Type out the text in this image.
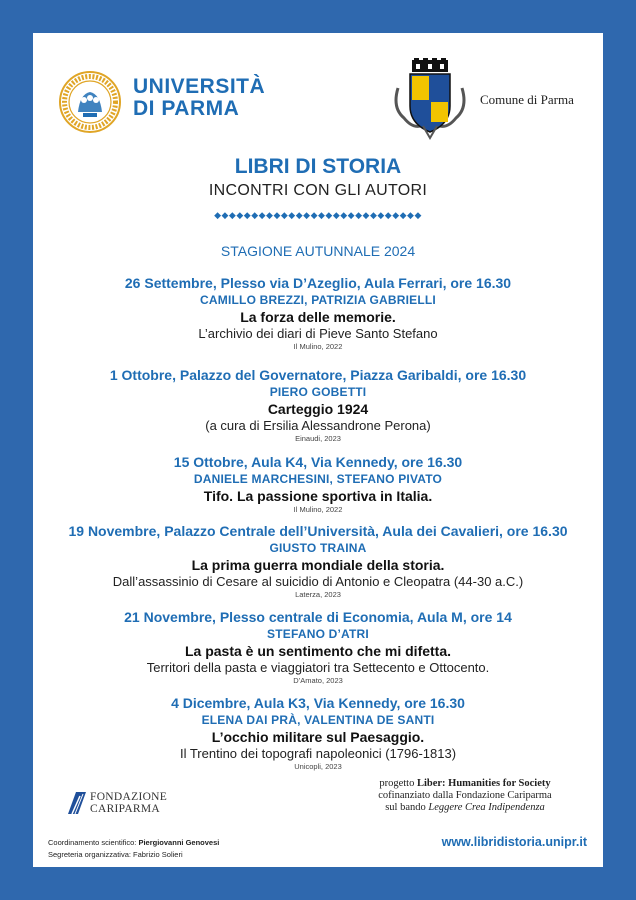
UNIVERSITÀ
DI PARMA	Comune di Parma
LIBRI DI STORIA
INCONTRI CON GLI AUTORI
◆◆◆◆◆◆◆◆◆◆◆◆◆◆◆◆◆◆◆◆◆◆◆◆◆◆◆◆
STAGIONE AUTUNNALE 2024
26 Settembre, Plesso via D’Azeglio, Aula Ferrari, ore 16.30
CAMILLO BREZZI, PATRIZIA GABRIELLI
La forza delle memorie.
L’archivio dei diari di Pieve Santo Stefano
Il Mulino, 2022
1 Ottobre, Palazzo del Governatore, Piazza Garibaldi, ore 16.30
PIERO GOBETTI
Carteggio 1924
(a cura di Ersilia Alessandrone Perona)
Einaudi, 2023
15 Ottobre, Aula K4, Via Kennedy, ore 16.30
DANIELE MARCHESINI, STEFANO PIVATO
Tifo. La passione sportiva in Italia.
Il Mulino, 2022
19 Novembre, Palazzo Centrale dell’Università, Aula dei Cavalieri, ore 16.30
GIUSTO TRAINA
La prima guerra mondiale della storia.
Dall’assassinio di Cesare al suicidio di Antonio e Cleopatra (44-30 a.C.)
Laterza, 2023
21 Novembre, Plesso centrale di Economia, Aula M, ore 14
STEFANO D’ATRI
La pasta è un sentimento che mi difetta.
Territori della pasta e viaggiatori tra Settecento e Ottocento.
D’Amato, 2023
4 Dicembre, Aula K3, Via Kennedy, ore 16.30
ELENA DAI PRÀ, VALENTINA DE SANTI
L’occhio militare sul Paesaggio.
Il Trentino dei topografi napoleonici (1796-1813)
Unicopli, 2023
FONDAZIONE
CARIPARMA
progetto Liber: Humanities for Society
cofinanziato dalla Fondazione Cariparma
sul bando Leggere Crea Indipendenza
Coordinamento scientifico: Piergiovanni Genovesi
Segreteria organizzativa: Fabrizio Solieri
www.libridistoria.unipr.it
